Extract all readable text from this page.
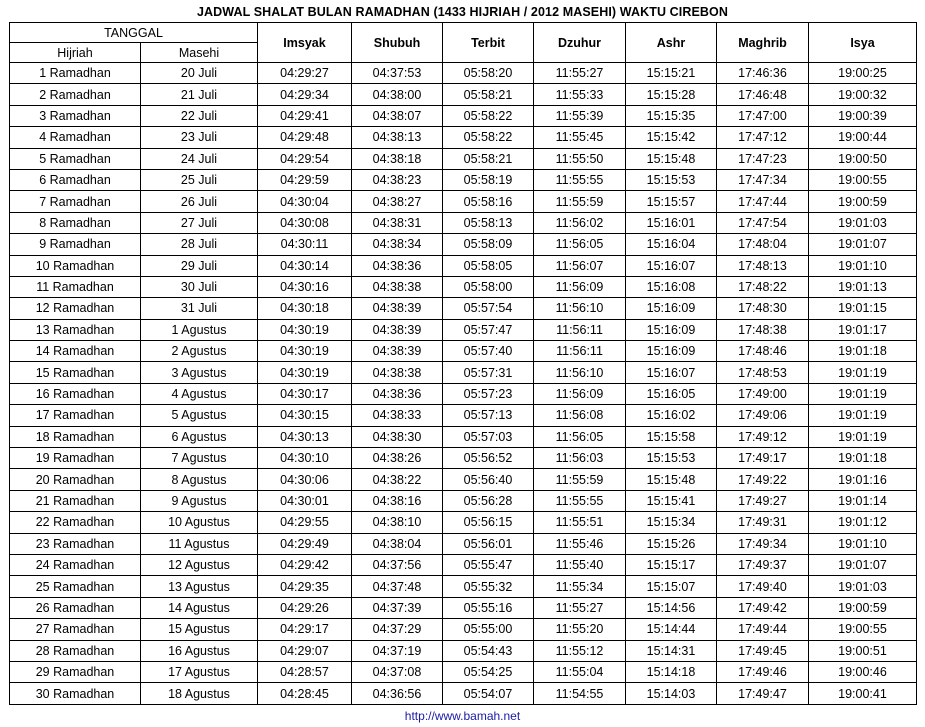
JADWAL SHALAT BULAN RAMADHAN (1433 HIJRIAH / 2012 MASEHI) WAKTU CIREBON
TANGGAL		Imsyak	Shubuh	Terbit	Dzuhur	Ashr	Maghrib	Isya
Hijriah	Masehi							
1 Ramadhan	20 Juli	04:29:27	04:37:53	05:58:20	11:55:27	15:15:21	17:46:36	19:00:25
2 Ramadhan	21 Juli	04:29:34	04:38:00	05:58:21	11:55:33	15:15:28	17:46:48	19:00:32
3 Ramadhan	22 Juli	04:29:41	04:38:07	05:58:22	11:55:39	15:15:35	17:47:00	19:00:39
4 Ramadhan	23 Juli	04:29:48	04:38:13	05:58:22	11:55:45	15:15:42	17:47:12	19:00:44
5 Ramadhan	24 Juli	04:29:54	04:38:18	05:58:21	11:55:50	15:15:48	17:47:23	19:00:50
6 Ramadhan	25 Juli	04:29:59	04:38:23	05:58:19	11:55:55	15:15:53	17:47:34	19:00:55
7 Ramadhan	26 Juli	04:30:04	04:38:27	05:58:16	11:55:59	15:15:57	17:47:44	19:00:59
8 Ramadhan	27 Juli	04:30:08	04:38:31	05:58:13	11:56:02	15:16:01	17:47:54	19:01:03
9 Ramadhan	28 Juli	04:30:11	04:38:34	05:58:09	11:56:05	15:16:04	17:48:04	19:01:07
10 Ramadhan	29 Juli	04:30:14	04:38:36	05:58:05	11:56:07	15:16:07	17:48:13	19:01:10
11 Ramadhan	30 Juli	04:30:16	04:38:38	05:58:00	11:56:09	15:16:08	17:48:22	19:01:13
12 Ramadhan	31 Juli	04:30:18	04:38:39	05:57:54	11:56:10	15:16:09	17:48:30	19:01:15
13 Ramadhan	1 Agustus	04:30:19	04:38:39	05:57:47	11:56:11	15:16:09	17:48:38	19:01:17
14 Ramadhan	2 Agustus	04:30:19	04:38:39	05:57:40	11:56:11	15:16:09	17:48:46	19:01:18
15 Ramadhan	3 Agustus	04:30:19	04:38:38	05:57:31	11:56:10	15:16:07	17:48:53	19:01:19
16 Ramadhan	4 Agustus	04:30:17	04:38:36	05:57:23	11:56:09	15:16:05	17:49:00	19:01:19
17 Ramadhan	5 Agustus	04:30:15	04:38:33	05:57:13	11:56:08	15:16:02	17:49:06	19:01:19
18 Ramadhan	6 Agustus	04:30:13	04:38:30	05:57:03	11:56:05	15:15:58	17:49:12	19:01:19
19 Ramadhan	7 Agustus	04:30:10	04:38:26	05:56:52	11:56:03	15:15:53	17:49:17	19:01:18
20 Ramadhan	8 Agustus	04:30:06	04:38:22	05:56:40	11:55:59	15:15:48	17:49:22	19:01:16
21 Ramadhan	9 Agustus	04:30:01	04:38:16	05:56:28	11:55:55	15:15:41	17:49:27	19:01:14
22 Ramadhan	10 Agustus	04:29:55	04:38:10	05:56:15	11:55:51	15:15:34	17:49:31	19:01:12
23 Ramadhan	11 Agustus	04:29:49	04:38:04	05:56:01	11:55:46	15:15:26	17:49:34	19:01:10
24 Ramadhan	12 Agustus	04:29:42	04:37:56	05:55:47	11:55:40	15:15:17	17:49:37	19:01:07
25 Ramadhan	13 Agustus	04:29:35	04:37:48	05:55:32	11:55:34	15:15:07	17:49:40	19:01:03
26 Ramadhan	14 Agustus	04:29:26	04:37:39	05:55:16	11:55:27	15:14:56	17:49:42	19:00:59
27 Ramadhan	15 Agustus	04:29:17	04:37:29	05:55:00	11:55:20	15:14:44	17:49:44	19:00:55
28 Ramadhan	16 Agustus	04:29:07	04:37:19	05:54:43	11:55:12	15:14:31	17:49:45	19:00:51
29 Ramadhan	17 Agustus	04:28:57	04:37:08	05:54:25	11:55:04	15:14:18	17:49:46	19:00:46
30 Ramadhan	18 Agustus	04:28:45	04:36:56	05:54:07	11:54:55	15:14:03	17:49:47	19:00:41
http://www.bamah.net
